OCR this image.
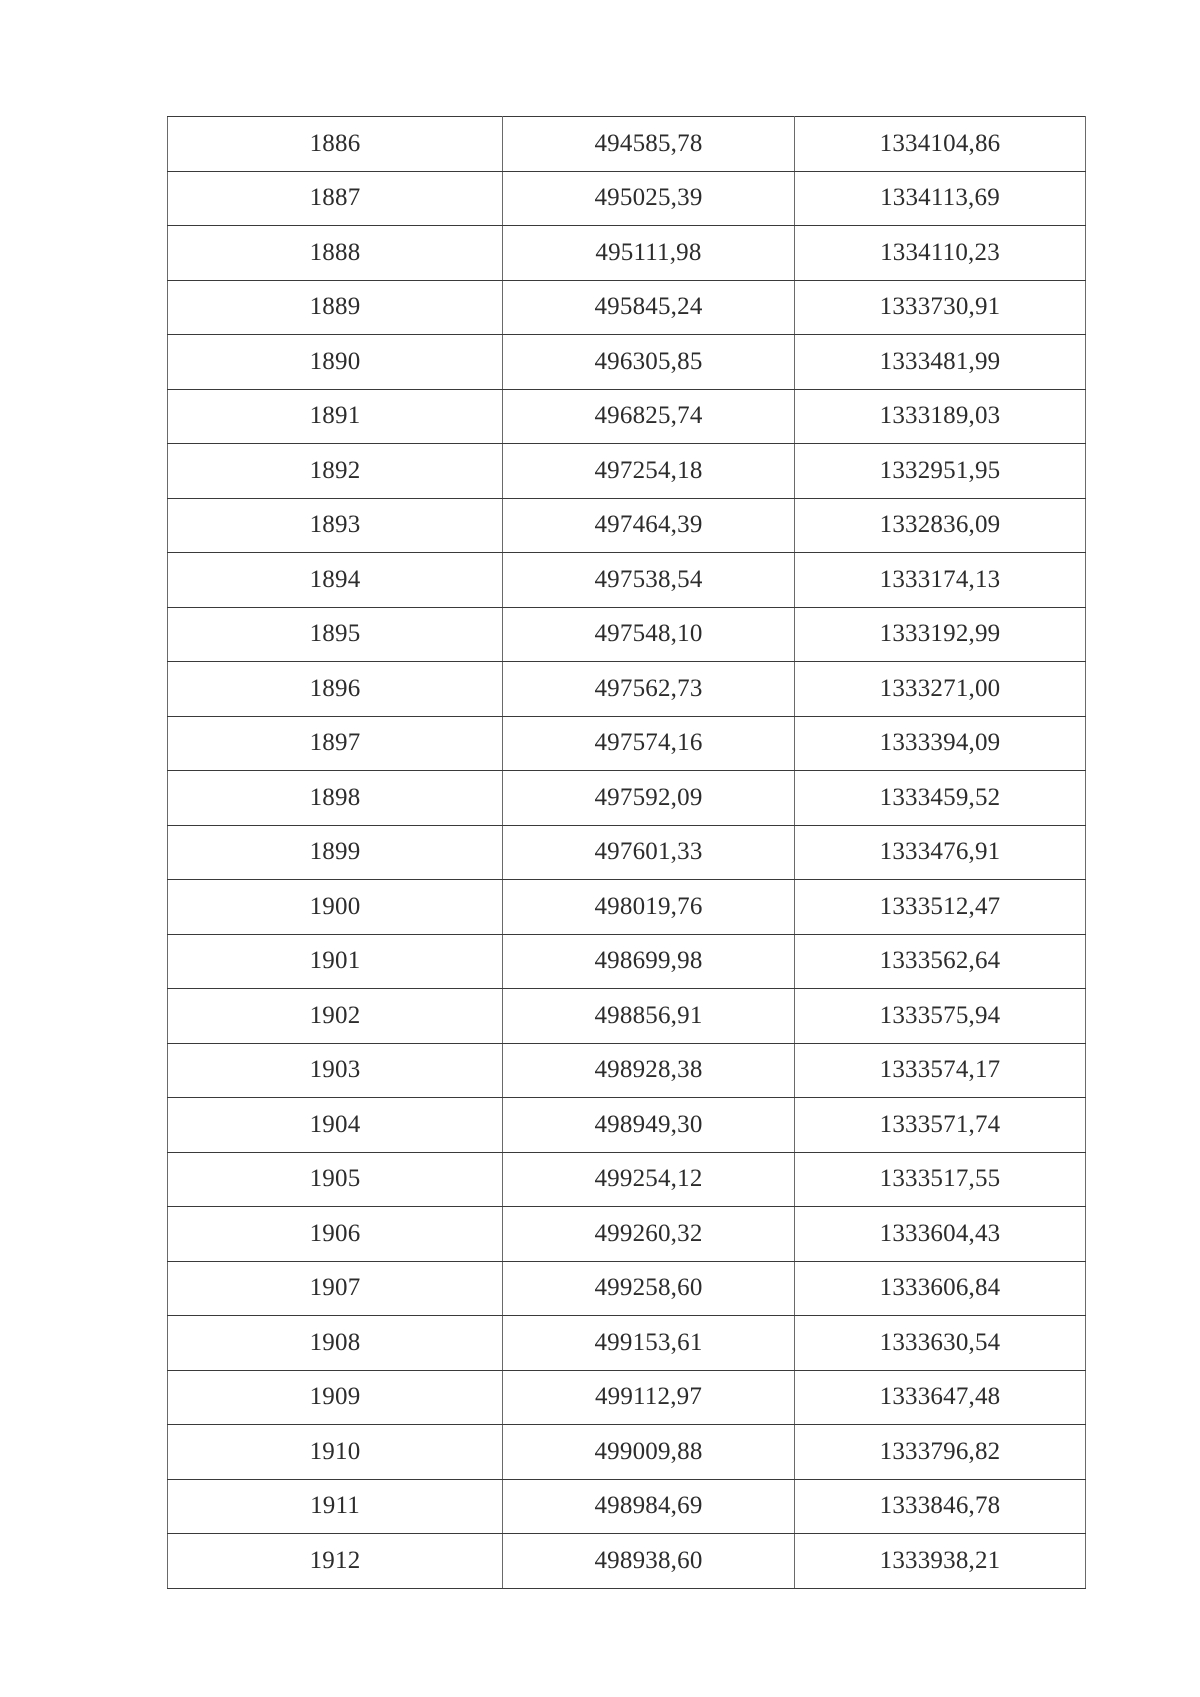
1886	494585,78	1334104,86
1887	495025,39	1334113,69
1888	495111,98	1334110,23
1889	495845,24	1333730,91
1890	496305,85	1333481,99
1891	496825,74	1333189,03
1892	497254,18	1332951,95
1893	497464,39	1332836,09
1894	497538,54	1333174,13
1895	497548,10	1333192,99
1896	497562,73	1333271,00
1897	497574,16	1333394,09
1898	497592,09	1333459,52
1899	497601,33	1333476,91
1900	498019,76	1333512,47
1901	498699,98	1333562,64
1902	498856,91	1333575,94
1903	498928,38	1333574,17
1904	498949,30	1333571,74
1905	499254,12	1333517,55
1906	499260,32	1333604,43
1907	499258,60	1333606,84
1908	499153,61	1333630,54
1909	499112,97	1333647,48
1910	499009,88	1333796,82
1911	498984,69	1333846,78
1912	498938,60	1333938,21
